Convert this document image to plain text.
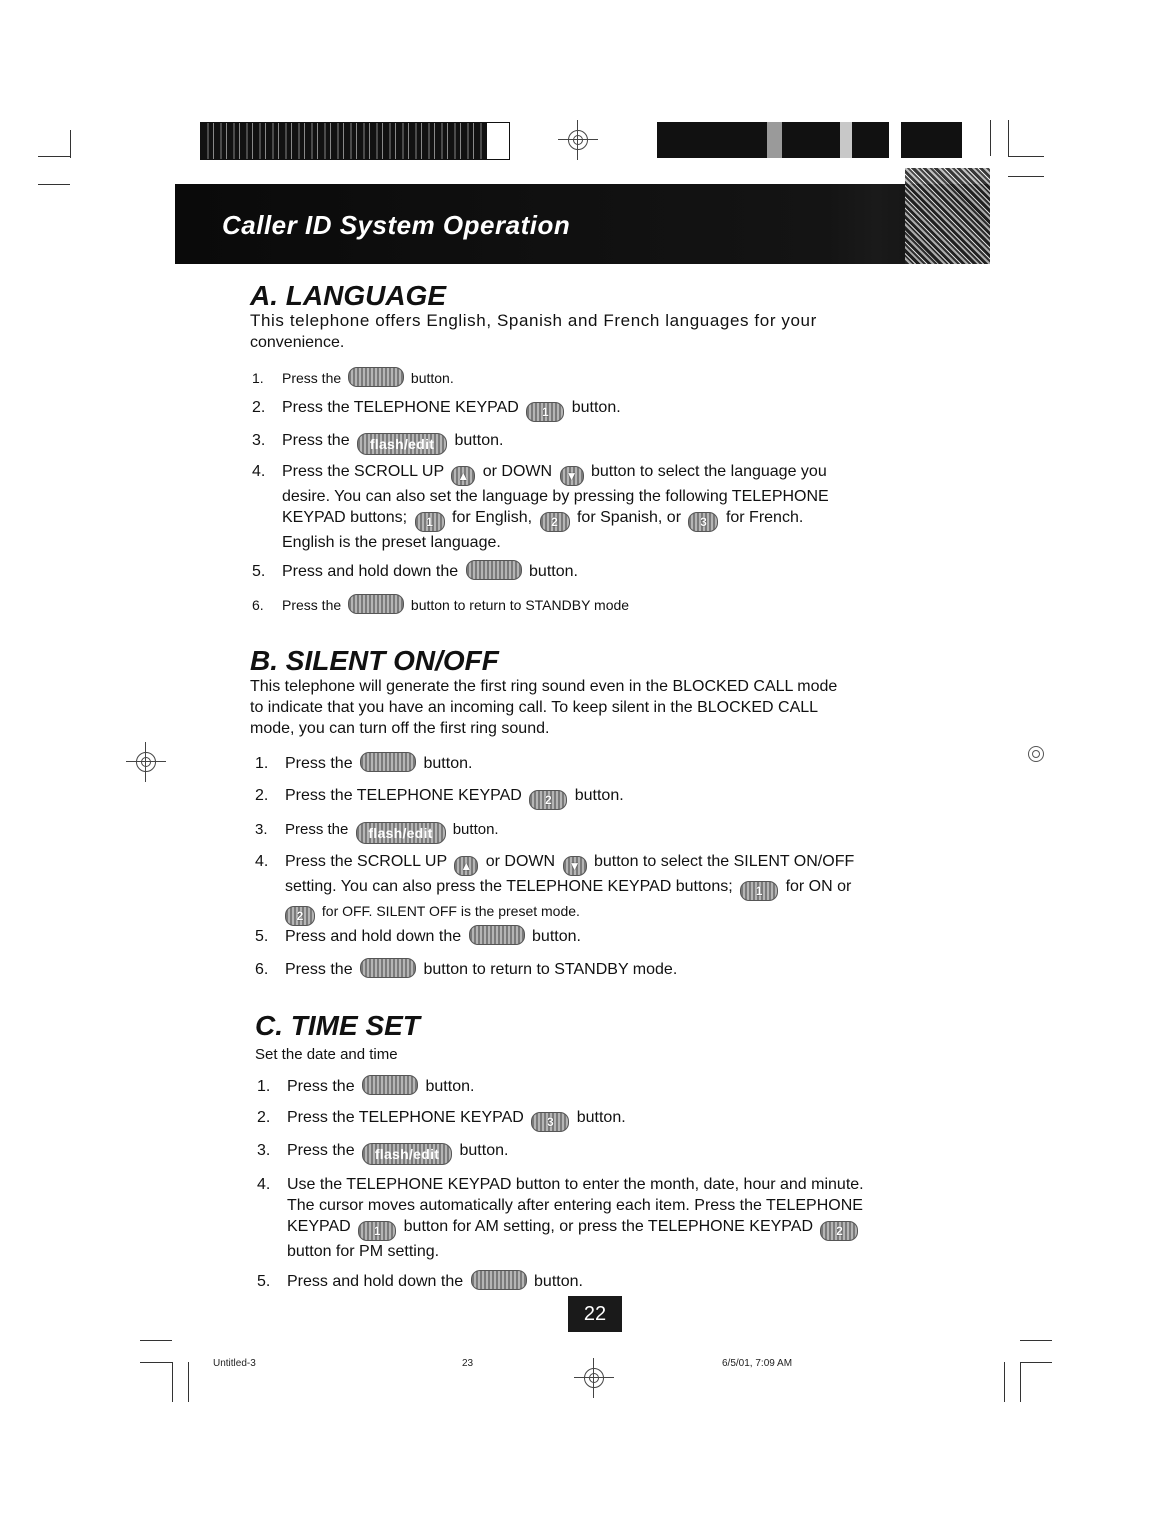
Caller ID System Operation
A. LANGUAGE
This telephone offers English, Spanish and French languages for your
convenience.
1. Press the	button.
2. Press the TELEPHONE KEYPAD	1	button.
3. Press the flash/edit button.
4. Press the SCROLL UP	▲ or DOWN	▼ button to select the language you
desire. You can also set the language by pressing the following TELEPHONE
KEYPAD buttons;	1	for English,	2	for Spanish, or	3	for French.
English is the preset language.
5. Press and hold down the	button.
6. Press the	button to return to STANDBY mode
B. SILENT ON/OFF
This telephone will generate the first ring sound even in the BLOCKED CALL mode
to indicate that you have an incoming call. To keep silent in the BLOCKED CALL
mode, you can turn off the first ring sound.
1. Press the	button.
2. Press the TELEPHONE KEYPAD	2	button.
3. Press the flash/edit button.
4. Press the SCROLL UP	▲ or DOWN	▼ button to select the SILENT ON/OFF
setting. You can also press the TELEPHONE KEYPAD buttons;	1	for ON or
2	for OFF. SILENT OFF is the preset mode.
5. Press and hold down the	button.
6. Press the	button to return to STANDBY mode.
C. TIME SET
Set the date and time
1. Press the	button.
2. Press the TELEPHONE KEYPAD	3	button.
3. Press the flash/edit button.
4. Use the TELEPHONE KEYPAD button to enter the month, date, hour and minute.
The cursor moves automatically after entering each item. Press the TELEPHONE
KEYPAD	1	button for AM setting, or press the TELEPHONE KEYPAD	2
button for PM setting.
5. Press and hold down the	button.
22
Untitled-3	23	6/5/01, 7:09 AM
